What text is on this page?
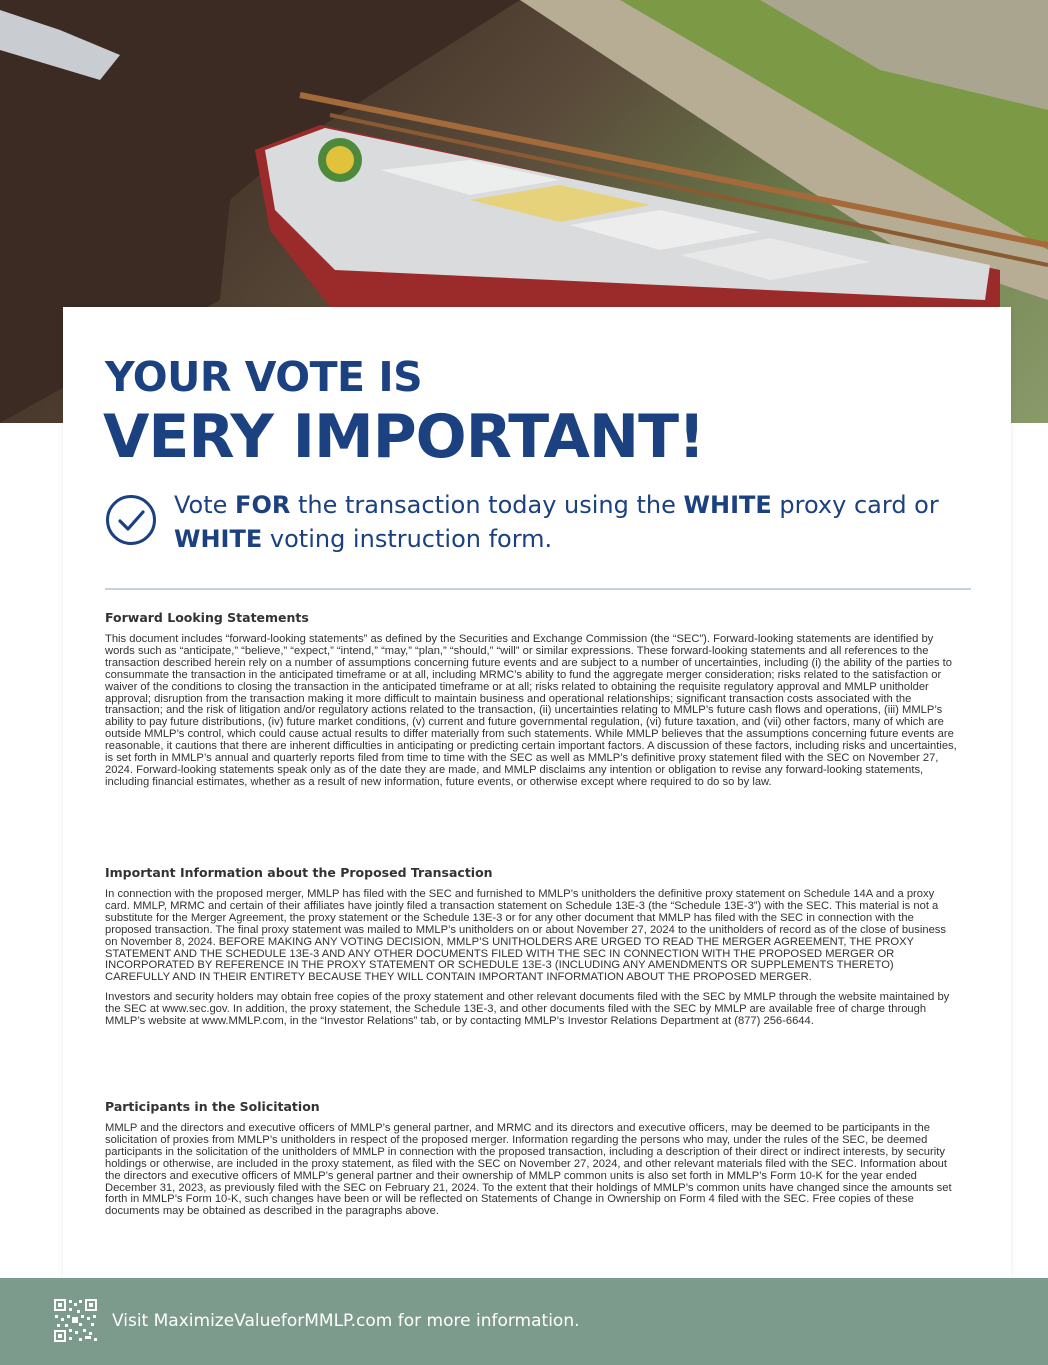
YOUR VOTE IS
VERY IMPORTANT!
Vote FOR the transaction today using the WHITE proxy card or
WHITE voting instruction form.
Forward Looking Statements

This document includes “forward-looking statements” as defined by the Securities and Exchange Commission (the “SEC”). Forward-looking statements are identified by words such as “anticipate,” “believe,” “expect,” “intend,” “may,” “plan,” “should,” “will” or similar expressions. These forward-looking statements and all references to the transaction described herein rely on a number of assumptions concerning future events and are subject to a number of uncertainties, including (i) the ability of the parties to consummate the transaction in the anticipated timeframe or at all, including MRMC’s ability to fund the aggregate merger consideration; risks related to the satisfaction or waiver of the conditions to closing the transaction in the anticipated timeframe or at all; risks related to obtaining the requisite regulatory approval and MMLP unitholder approval; disruption from the transaction making it more difficult to maintain business and operational relationships; significant transaction costs associated with the transaction; and the risk of litigation and/or regulatory actions related to the transaction, (ii) uncertainties relating to MMLP’s future cash flows and operations, (iii) MMLP’s ability to pay future distributions, (iv) future market conditions, (v) current and future governmental regulation, (vi) future taxation, and (vii) other factors, many of which are outside MMLP’s control, which could cause actual results to differ materially from such statements. While MMLP believes that the assumptions concerning future events are reasonable, it cautions that there are inherent difficulties in anticipating or predicting certain important factors. A discussion of these factors, including risks and uncertainties, is set forth in MMLP’s annual and quarterly reports filed from time to time with the SEC as well as MMLP’s definitive proxy statement filed with the SEC on November 27, 2024. Forward-looking statements speak only as of the date they are made, and MMLP disclaims any intention or obligation to revise any forward-looking statements, including financial estimates, whether as a result of new information, future events, or otherwise except where required to do so by law.

Important Information about the Proposed Transaction

In connection with the proposed merger, MMLP has filed with the SEC and furnished to MMLP’s unitholders the definitive proxy statement on Schedule 14A and a proxy card. MMLP, MRMC and certain of their affiliates have jointly filed a transaction statement on Schedule 13E-3 (the “Schedule 13E-3”) with the SEC. This material is not a substitute for the Merger Agreement, the proxy statement or the Schedule 13E-3 or for any other document that MMLP has filed with the SEC in connection with the proposed transaction. The final proxy statement was mailed to MMLP’s unitholders on or about November 27, 2024 to the unitholders of record as of the close of business on November 8, 2024. BEFORE MAKING ANY VOTING DECISION, MMLP’S UNITHOLDERS ARE URGED TO READ THE MERGER AGREEMENT, THE PROXY STATEMENT AND THE SCHEDULE 13E-3 AND ANY OTHER DOCUMENTS FILED WITH THE SEC IN CONNECTION WITH THE PROPOSED MERGER OR INCORPORATED BY REFERENCE IN THE PROXY STATEMENT OR SCHEDULE 13E-3 (INCLUDING ANY AMENDMENTS OR SUPPLEMENTS THERETO) CAREFULLY AND IN THEIR ENTIRETY BECAUSE THEY WILL CONTAIN IMPORTANT INFORMATION ABOUT THE PROPOSED MERGER.

Investors and security holders may obtain free copies of the proxy statement and other relevant documents filed with the SEC by MMLP through the website maintained by the SEC at www.sec.gov. In addition, the proxy statement, the Schedule 13E-3, and other documents filed with the SEC by MMLP are available free of charge through MMLP’s website at www.MMLP.com, in the “Investor Relations” tab, or by contacting MMLP’s Investor Relations Department at (877) 256-6644.

Participants in the Solicitation

MMLP and the directors and executive officers of MMLP’s general partner, and MRMC and its directors and executive officers, may be deemed to be participants in the solicitation of proxies from MMLP’s unitholders in respect of the proposed merger. Information regarding the persons who may, under the rules of the SEC, be deemed participants in the solicitation of the unitholders of MMLP in connection with the proposed transaction, including a description of their direct or indirect interests, by security holdings or otherwise, are included in the proxy statement, as filed with the SEC on November 27, 2024, and other relevant materials filed with the SEC. Information about the directors and executive officers of MMLP’s general partner and their ownership of MMLP common units is also set forth in MMLP’s Form 10-K for the year ended December 31, 2023, as previously filed with the SEC on February 21, 2024. To the extent that their holdings of MMLP’s common units have changed since the amounts set forth in MMLP’s Form 10-K, such changes have been or will be reflected on Statements of Change in Ownership on Form 4 filed with the SEC. Free copies of these documents may be obtained as described in the paragraphs above.

Visit MaximizeValueforMMLP.com for more information.
